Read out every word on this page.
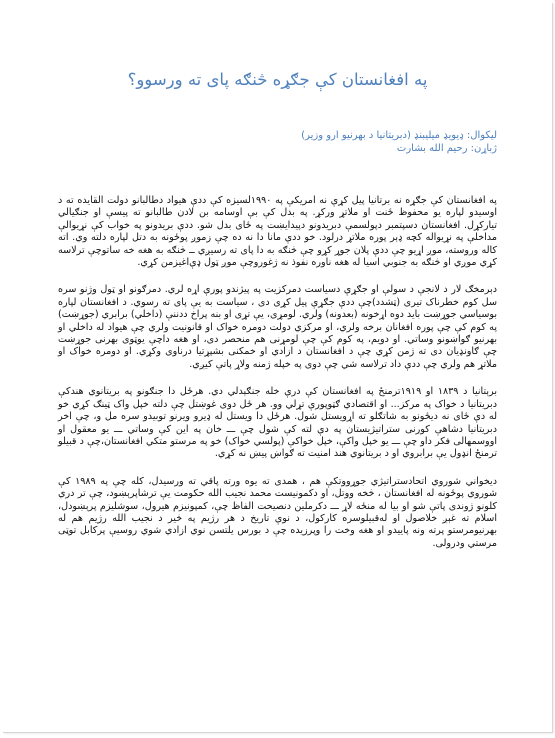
په افغانستان کې جګړه څنګه پای ته ورسوو؟
ليکوال: ډيويډ ميليبنډ (دبريتانيا د بهرنيو ارو وزير)
ژباړن: رحيم الله بشارت

په افغانستان کې جګړه نه برتانيا پيل کړې نه امريکې په ۱۹۹۰لسيزه کې ددې هيواد دطالبانو دولت القايده ته د اوسيدو لپاره يو محفوظ ځنت او ملاتړ ورکړ. په بدل کې بې اوسامه بن لادن طالبانو ته پيسې او جنګيالي تيارکړل. افغانستان دسپتمبر دپولسمې دبريدونو دپيدايښت په ځای بدل شو. ددې بريدونو په خواب کې نړيوالې مداخلې په نړيواله کچه ډېر پوره ملاتړ درلود. خو ددې مانا دا نه ده چې زموږ پوځونه به دتل لپاره دلته وي. اته کاله وروسته، موږ اړيو چې ددې پلان جوړ کړو چې څنګه به دا پای ته رسيږي ــ څنګه به هغه خه ساتوچې ترلاسه کړي موږي او څنګه به جنوبي اسيا له هغه ناوره نفوذ نه ژغوروچې موږ ټول ډې‌اغيزمن کړي.

دېرمخګ لار د لانجې د سولې او جګړې دسياست دمرکزيت په پيژندو پورې اړه لري. دمرګونو او ټول وژنو سره سل کوم خطرناک تيری (ټشدد)چې ددې جګړې پيل کړی دی ، سياست به يې پای ته رسوي. د افغانستان لپاره بوسياسي جوړښت بايد دوه اړخونه (بعدونه) ولري. لومړی، يې تړی او بنه پراخ ددننې (داخلي) برابري (جوړښت) په کوم کې چې پوره افغانان برخه ولري، او مرکزي دولت دومره خواک او قانونيت ولري چې هيواد له داخلي او بهرنيو ګواښونو وساتي. او دويم، په کوم کې چې لومړنی هم منحصر دی، او هغه داچې يوټوی بهرنی جوړښت چې ګاونډيان دی ته ژمن کړي چې د افغانستان د ازادي او خمکنی بشپړتيا درناوی وکړي. او دومره خواک او ملاتړ هم ولري چې ددې داد ترلاسه شي چې دوی په خپله ژمنه ولاړ پاتې کيږي.

برېتانيا د ۱۸۳۹ او ۱۹۱۹ترمنځ په افغانستان کې درې خله جنګېدلي دي. هرځل دا جنګونو په بريتانوي هندکې دبريتانيا د خواک په مرکز... او اقتصادي ګټوپورې تړلي وو. هر ځل دوی غوښتل چې دلته خپل واک ټينګ کړي خو له دې ځای نه ديځونو به شاتګلو ته اړويستل شول. هرځل دا ويستل له ډيرو ويرنو توبيدو سره مل و، چې اخر دبريتانيا دشاهې کورنی ستراتيژيستان په دې لته کې شول چې ـــ خان په اين کې وساتي ـــ يو معقول او اووسمهالی فکر داو چې ـــ يو خپل واکې، خپل خواکې (پولسي خواک) خو په مرستو متکي افغانستان،چې د قبيلو ترمنځ انډول يې برابروي او د بريتانوي هند امنيت ته ګواښ پيښ نه کړي.

ديخواني شوروي اتحادستراتيژي جوړووتکې هم ، همدی ته يوه ورته پاقي ته ورسيدل، کله چې په ۱۹۸۹ کې شوروي پوځونه له افغانستان ، څخه ووتل، او دکمونيست محمد نجيب الله حکومت يې ترشاپرېښود، چې تر دري کلونو ژوندی پاتې شو او بيا له منځه لاړ ـــ دکرملين دنصيحت الفاظ چې، کمپونيزم هيرول، سوشليزم پرېښودل، اسلام ته غېږ خلاصول او له‌قبيلوسره کارکول، د نوې تاريخ د هر رژيم په څير د نجيب الله رژيم هم له بهرنيومرستو پرته ونه پاييدو او هغه وخت را وپرزيده چې د بورس يلتسن نوي ازادي شوي روسيې پرکابل توټی مرستي ودرولی.
